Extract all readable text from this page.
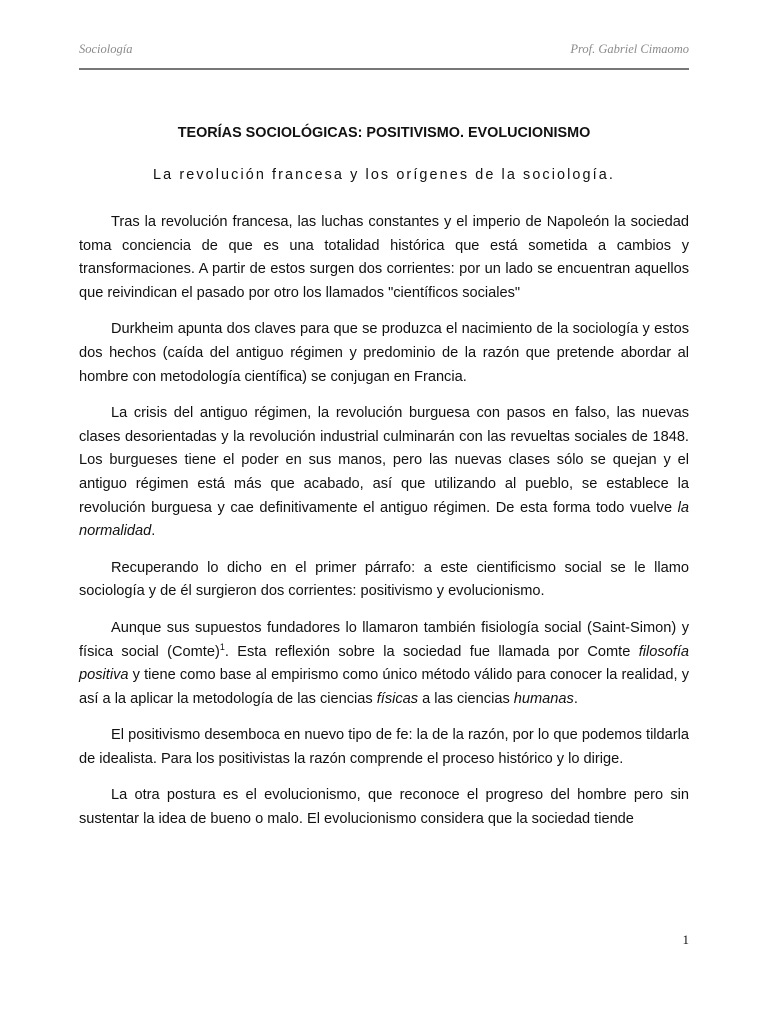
Sociología	Prof. Gabriel Cimaomo
TEORÍAS SOCIOLÓGICAS: POSITIVISMO. EVOLUCIONISMO

La revolución francesa y los orígenes de la sociología.

Tras la revolución francesa, las luchas constantes y el imperio de Napoleón la sociedad toma conciencia de que es una totalidad histórica que está sometida a cambios y transformaciones. A partir de estos surgen dos corrientes: por un lado se encuentran aquellos que reivindican el pasado por otro los llamados "científicos sociales"

Durkheim apunta dos claves para que se produzca el nacimiento de la sociología y estos dos hechos (caída del antiguo régimen y predominio de la razón que pretende abordar al hombre con metodología científica) se conjugan en Francia.

La crisis del antiguo régimen, la revolución burguesa con pasos en falso, las nuevas clases desorientadas y la revolución industrial culminarán con las revueltas sociales de 1848. Los burgueses tiene el poder en sus manos, pero las nuevas clases sólo se quejan y el antiguo régimen está más que acabado, así que utilizando al pueblo, se establece la revolución burguesa y cae definitivamente el antiguo régimen. De esta forma todo vuelve la normalidad.

Recuperando lo dicho en el primer párrafo: a este cientificismo social se le llamo sociología y de él surgieron dos corrientes: positivismo y evolucionismo.

Aunque sus supuestos fundadores lo llamaron también fisiología social (Saint-Simon) y física social (Comte)$^1$. Esta reflexión sobre la sociedad fue llamada por Comte filosofía positiva y tiene como base al empirismo como único método válido para conocer la realidad, y así a la aplicar la metodología de las ciencias físicas a las ciencias humanas.

El positivismo desemboca en nuevo tipo de fe: la de la razón, por lo que podemos tildarla de idealista. Para los positivistas la razón comprende el proceso histórico y lo dirige.

La otra postura es el evolucionismo, que reconoce el progreso del hombre pero sin sustentar la idea de bueno o malo. El evolucionismo considera que la sociedad tiende

1
